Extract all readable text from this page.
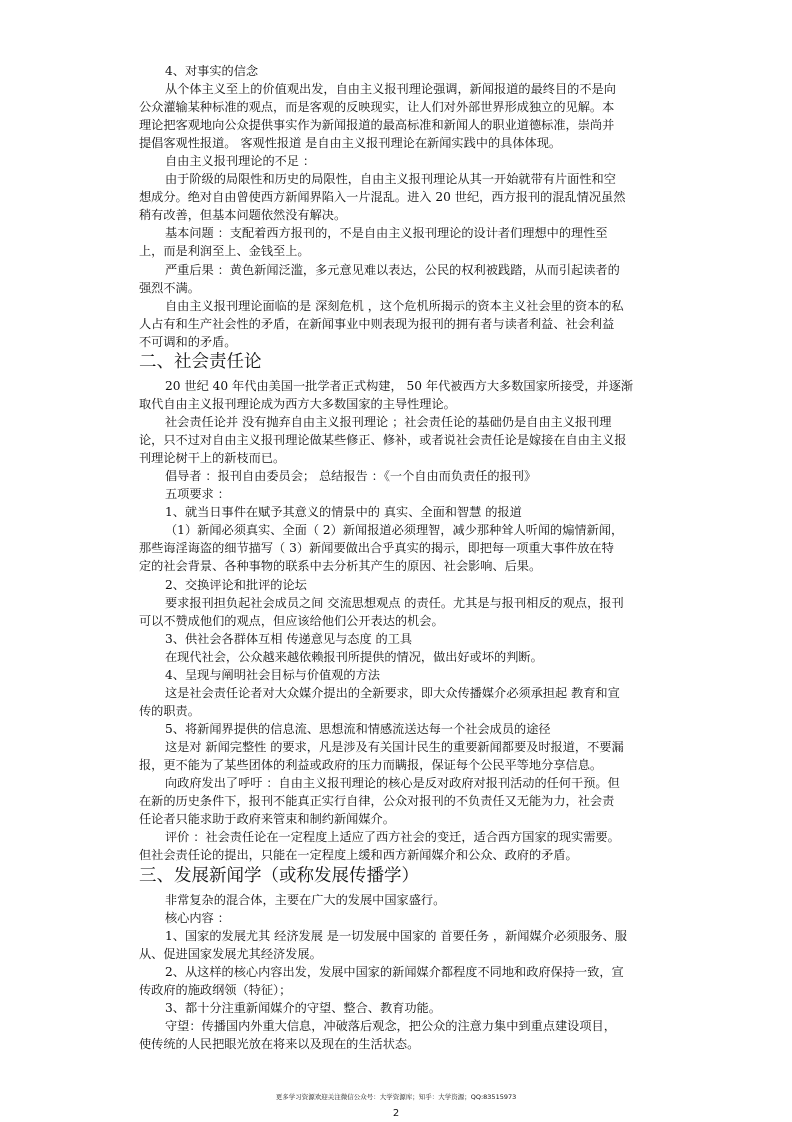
4、对事实的信念
从个体主义至上的价值观出发，自由主义报刊理论强调，新闻报道的最终目的不是向
公众灌输某种标准的观点，而是客观的反映现实，让人们对外部世界形成独立的见解。本
理论把客观地向公众提供事实作为新闻报道的最高标准和新闻人的职业道德标准，崇尚并
提倡客观性报道。 客观性报道 是自由主义报刊理论在新闻实践中的具体体现。
自由主义报刊理论的不足 ：
由于阶级的局限性和历史的局限性，自由主义报刊理论从其一开始就带有片面性和空
想成分。绝对自由曾使西方新闻界陷入一片混乱。进入 20 世纪，西方报刊的混乱情况虽然
稍有改善，但基本问题依然没有解决。
基本问题 ：支配着西方报刊的，不是自由主义报刊理论的设计者们理想中的理性至
上，而是利润至上、金钱至上。
严重后果 ：黄色新闻泛滥，多元意见难以表达，公民的权利被践踏，从而引起读者的
强烈不满。
自由主义报刊理论面临的是 深刻危机 ，这个危机所揭示的资本主义社会里的资本的私
人占有和生产社会性的矛盾，在新闻事业中则表现为报刊的拥有者与读者利益、社会利益
不可调和的矛盾。
二、社会责任论
20 世纪 40 年代由美国一批学者正式构建， 50 年代被西方大多数国家所接受，并逐渐
取代自由主义报刊理论成为西方大多数国家的主导性理论。
社会责任论并 没有抛弃自由主义报刊理论 ；社会责任论的基础仍是自由主义报刊理
论，只不过对自由主义报刊理论做某些修正、修补，或者说社会责任论是嫁接在自由主义报
刊理论树干上的新枝而已。
倡导者 ：报刊自由委员会； 总结报告 ：《一个自由而负责任的报刊》
五项要求 ：
1、就当日事件在赋予其意义的情景中的 真实、全面和智慧 的报道
（1）新闻必须真实、全面（ 2）新闻报道必须理智，减少那种耸人听闻的煽情新闻，
那些诲淫诲盗的细节描写（ 3）新闻要做出合乎真实的揭示，即把每一项重大事件放在特
定的社会背景、各种事物的联系中去分析其产生的原因、社会影响、后果。
2、交换评论和批评的论坛
要求报刊担负起社会成员之间 交流思想观点 的责任。尤其是与报刊相反的观点，报刊
可以不赞成他们的观点，但应该给他们公开表达的机会。
3、供社会各群体互相 传递意见与态度 的工具
在现代社会，公众越来越依赖报刊所提供的情况，做出好或坏的判断。
4、呈现与阐明社会目标与价值观的方法
这是社会责任论者对大众媒介提出的全新要求，即大众传播媒介必须承担起 教育和宣
传的职责。
5、将新闻界提供的信息流、思想流和情感流送达每一个社会成员的途径
这是对 新闻完整性 的要求，凡是涉及有关国计民生的重要新闻都要及时报道，不要漏
报，更不能为了某些团体的利益或政府的压力而瞒报，保证每个公民平等地分享信息。
向政府发出了呼吁 ：自由主义报刊理论的核心是反对政府对报刊活动的任何干预。但
在新的历史条件下，报刊不能真正实行自律，公众对报刊的不负责任又无能为力，社会责
任论者只能求助于政府来管束和制约新闻媒介。
评价 ：社会责任论在一定程度上适应了西方社会的变迁，适合西方国家的现实需要。
但社会责任论的提出，只能在一定程度上缓和西方新闻媒介和公众、政府的矛盾。
三、发展新闻学（或称发展传播学）
非常复杂的混合体，主要在广大的发展中国家盛行。
核心内容 ：
1、国家的发展尤其 经济发展 是一切发展中国家的 首要任务 ，新闻媒介必须服务、服
从、促进国家发展尤其经济发展。
2、从这样的核心内容出发，发展中国家的新闻媒介都程度不同地和政府保持一致，宣
传政府的施政纲领（特征）；
3、都十分注重新闻媒介的守望、整合、教育功能。
守望：传播国内外重大信息，冲破落后观念，把公众的注意力集中到重点建设项目，
使传统的人民把眼光放在将来以及现在的生活状态。
更多学习资源欢迎关注微信公众号：大学资源库；知乎：大学资源；QQ:83515973
2
